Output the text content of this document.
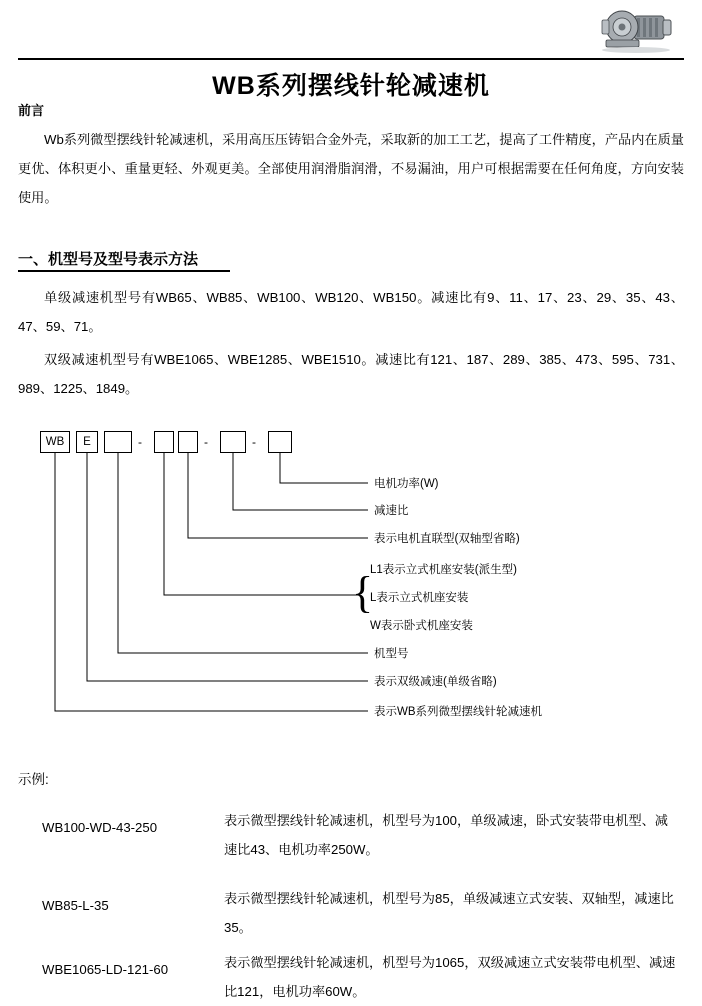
WB系列摆线针轮减速机
前言
Wb系列微型摆线针轮减速机，采用高压压铸铝合金外壳，采取新的加工工艺，提高了工件精度，产品内在质量更优、体积更小、重量更轻、外观更美。全部使用润滑脂润滑，不易漏油，用户可根据需要在任何角度，方向安装使用。
一、机型号及型号表示方法
单级减速机型号有WB65、WB85、WB100、WB120、WB150。减速比有9、11、17、23、29、35、43、47、59、71。
双级减速机型号有WBE1065、WBE1285、WBE1510。减速比有121、187、289、385、473、595、731、989、1225、1849。
WB	E	-	-	-
{
电机功率(W)
减速比
表示电机直联型(双轴型省略)
L1表示立式机座安装(派生型)
L表示立式机座安装
W表示卧式机座安装
机型号
表示双级减速(单级省略)
表示WB系列微型摆线针轮减速机
示例:
WB100-WD-43-250	表示微型摆线针轮减速机，机型号为100，单级减速，卧式安装带电机型、减速比43、电机功率250W。
WB85-L-35	表示微型摆线针轮减速机，机型号为85，单级减速立式安装、双轴型，减速比35。
WBE1065-LD-121-60	表示微型摆线针轮减速机，机型号为1065，双级减速立式安装带电机型、减速比121，电机功率60W。
